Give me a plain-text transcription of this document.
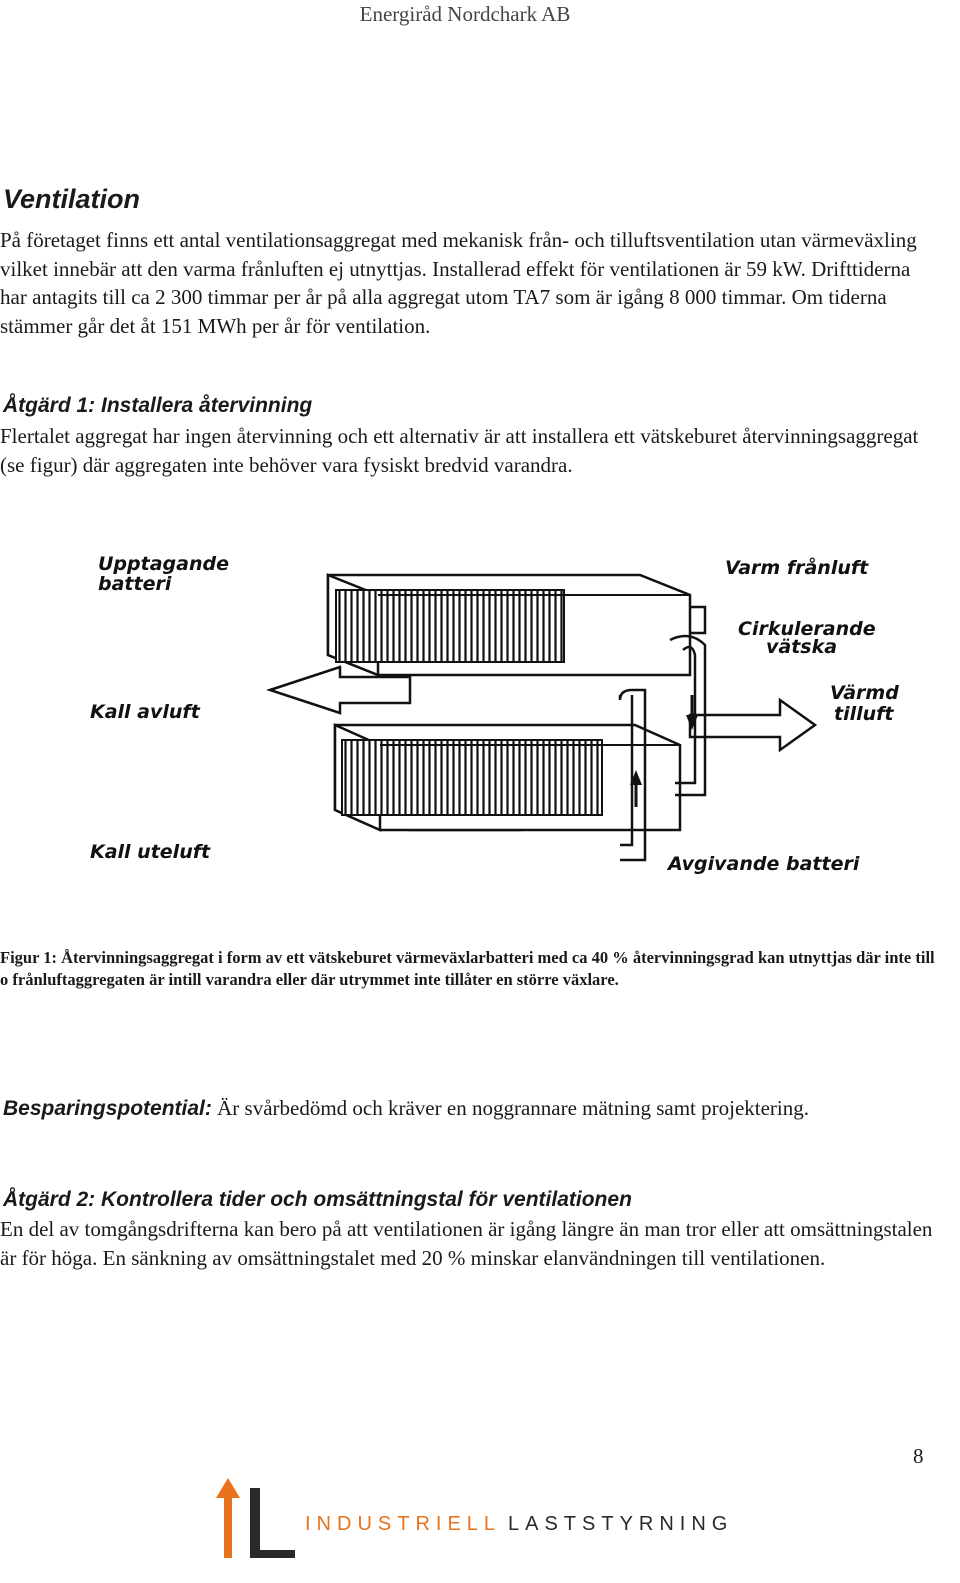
Energiråd Nordchark AB
Ventilation
På företaget finns ett antal ventilationsaggregat med mekanisk från- och tilluftsventilation utan värmeväxling vilket innebär att den varma frånluften ej utnyttjas. Installerad effekt för ventilationen är 59 kW. Drifttiderna har antagits till ca 2 300 timmar per år på alla aggregat utom TA7 som är igång 8 000 timmar. Om tiderna stämmer går det åt 151 MWh per år för ventilation.
Åtgärd 1: Installera återvinning
Flertalet aggregat har ingen återvinning och ett alternativ är att installera ett vätskeburet återvinningsaggregat (se figur) där aggregaten inte behöver vara fysiskt bredvid varandra.
Upptagande
batteri
Varm frånluft
Cirkulerande
vätska
Värmd
tilluft
Kall avluft
Kall uteluft
Avgivande batteri
Figur 1: Återvinningsaggregat i form av ett vätskeburet värmeväxlarbatteri med ca 40 % återvinningsgrad kan utnyttjas där inte till o frånluftaggregaten är intill varandra eller där utrymmet inte tillåter en större växlare.
Besparingspotential: Är svårbedömd och kräver en noggrannare mätning samt projektering.
Åtgärd 2: Kontrollera tider och omsättningstal för ventilationen
En del av tomgångsdrifterna kan bero på att ventilationen är igång längre än man tror eller att omsättningstalen är för höga. En sänkning av omsättningstalet med 20 % minskar elanvändningen till ventilationen.
8
INDUSTRIELL LASTSTYRNING
